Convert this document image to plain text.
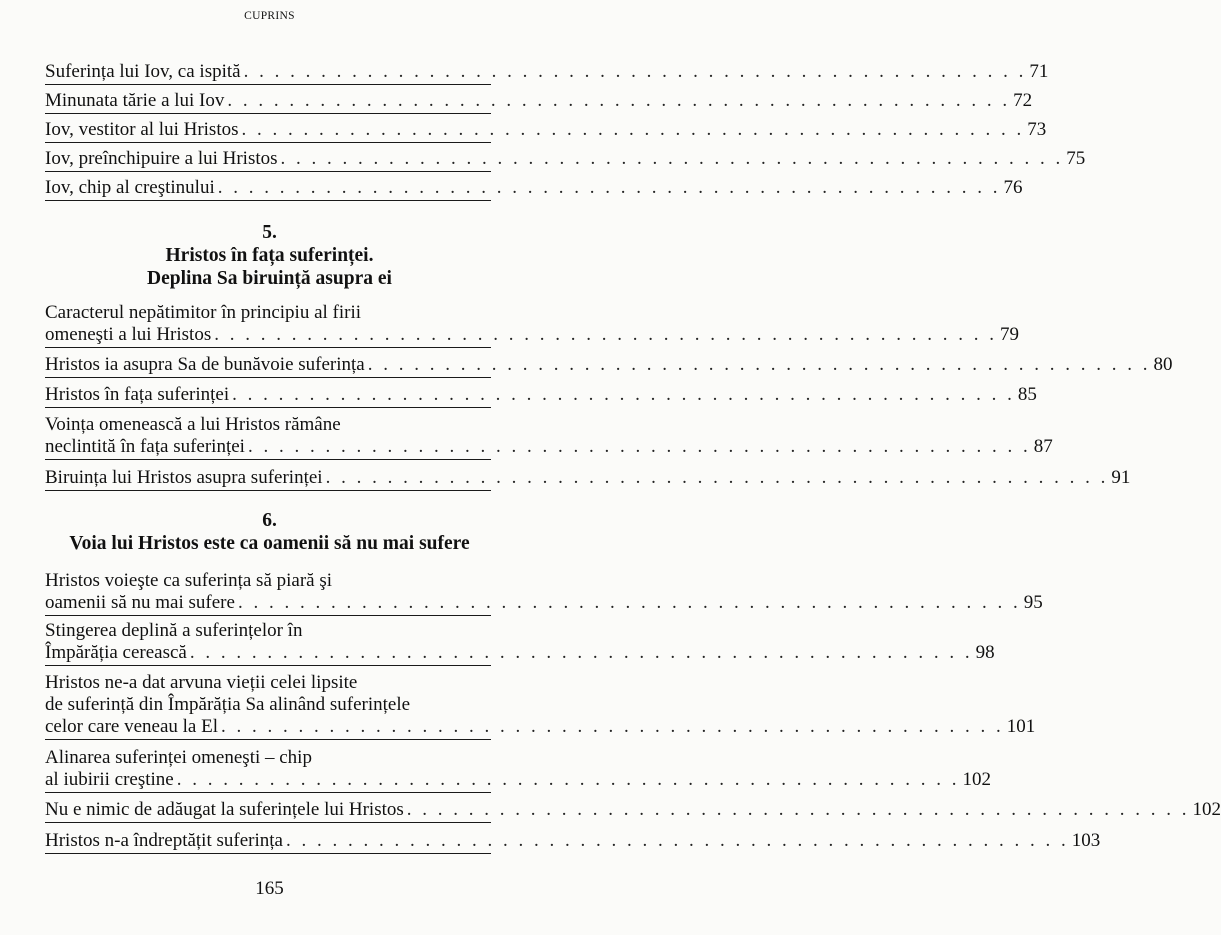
CUPRINS
Suferința lui Iov, ca ispită . . . . . . . . . . . . . . . . . . . . . . . . . . . . . . . . . . . . . . . . . . . . . . . . . . . 71
Minunata tărie a lui Iov . . . . . . . . . . . . . . . . . . . . . . . . . . . . . . . . . . . . . . . . . . . . . . . . . . . 72
Iov, vestitor al lui Hristos . . . . . . . . . . . . . . . . . . . . . . . . . . . . . . . . . . . . . . . . . . . . . . . . . . . 73
Iov, preînchipuire a lui Hristos . . . . . . . . . . . . . . . . . . . . . . . . . . . . . . . . . . . . . . . . . . . . . . . . . . . 75
Iov, chip al creştinului . . . . . . . . . . . . . . . . . . . . . . . . . . . . . . . . . . . . . . . . . . . . . . . . . . . 76
5.
Hristos în fața suferinței.
Deplina Sa biruință asupra ei
Caracterul nepătimitor în principiu al firii
omeneşti a lui Hristos . . . . . . . . . . . . . . . . . . . . . . . . . . . . . . . . . . . . . . . . . . . . . . . . . . . 79
Hristos ia asupra Sa de bunăvoie suferința . . . . . . . . . . . . . . . . . . . . . . . . . . . . . . . . . . . . . . . . . . . . . . . . . . . 80
Hristos în fața suferinței . . . . . . . . . . . . . . . . . . . . . . . . . . . . . . . . . . . . . . . . . . . . . . . . . . . 85
Voința omenească a lui Hristos rămâne
neclintită în fața suferinței . . . . . . . . . . . . . . . . . . . . . . . . . . . . . . . . . . . . . . . . . . . . . . . . . . . 87
Biruința lui Hristos asupra suferinței . . . . . . . . . . . . . . . . . . . . . . . . . . . . . . . . . . . . . . . . . . . . . . . . . . . 91
6.
Voia lui Hristos este ca oamenii să nu mai sufere
Hristos voieşte ca suferința să piară şi
oamenii să nu mai sufere . . . . . . . . . . . . . . . . . . . . . . . . . . . . . . . . . . . . . . . . . . . . . . . . . . . 95
Stingerea deplină a suferințelor în
Împărăția cerească . . . . . . . . . . . . . . . . . . . . . . . . . . . . . . . . . . . . . . . . . . . . . . . . . . . 98
Hristos ne-a dat arvuna vieții celei lipsite
de suferință din Împărăția Sa alinând suferințele
celor care veneau la El . . . . . . . . . . . . . . . . . . . . . . . . . . . . . . . . . . . . . . . . . . . . . . . . . . . 101
Alinarea suferinței omeneşti – chip
al iubirii creştine . . . . . . . . . . . . . . . . . . . . . . . . . . . . . . . . . . . . . . . . . . . . . . . . . . . 102
Nu e nimic de adăugat la suferințele lui Hristos . . . . . . . . . . . . . . . . . . . . . . . . . . . . . . . . . . . . . . . . . . . . . . . . . . . 102
Hristos n-a îndreptățit suferința . . . . . . . . . . . . . . . . . . . . . . . . . . . . . . . . . . . . . . . . . . . . . . . . . . . 103
165
